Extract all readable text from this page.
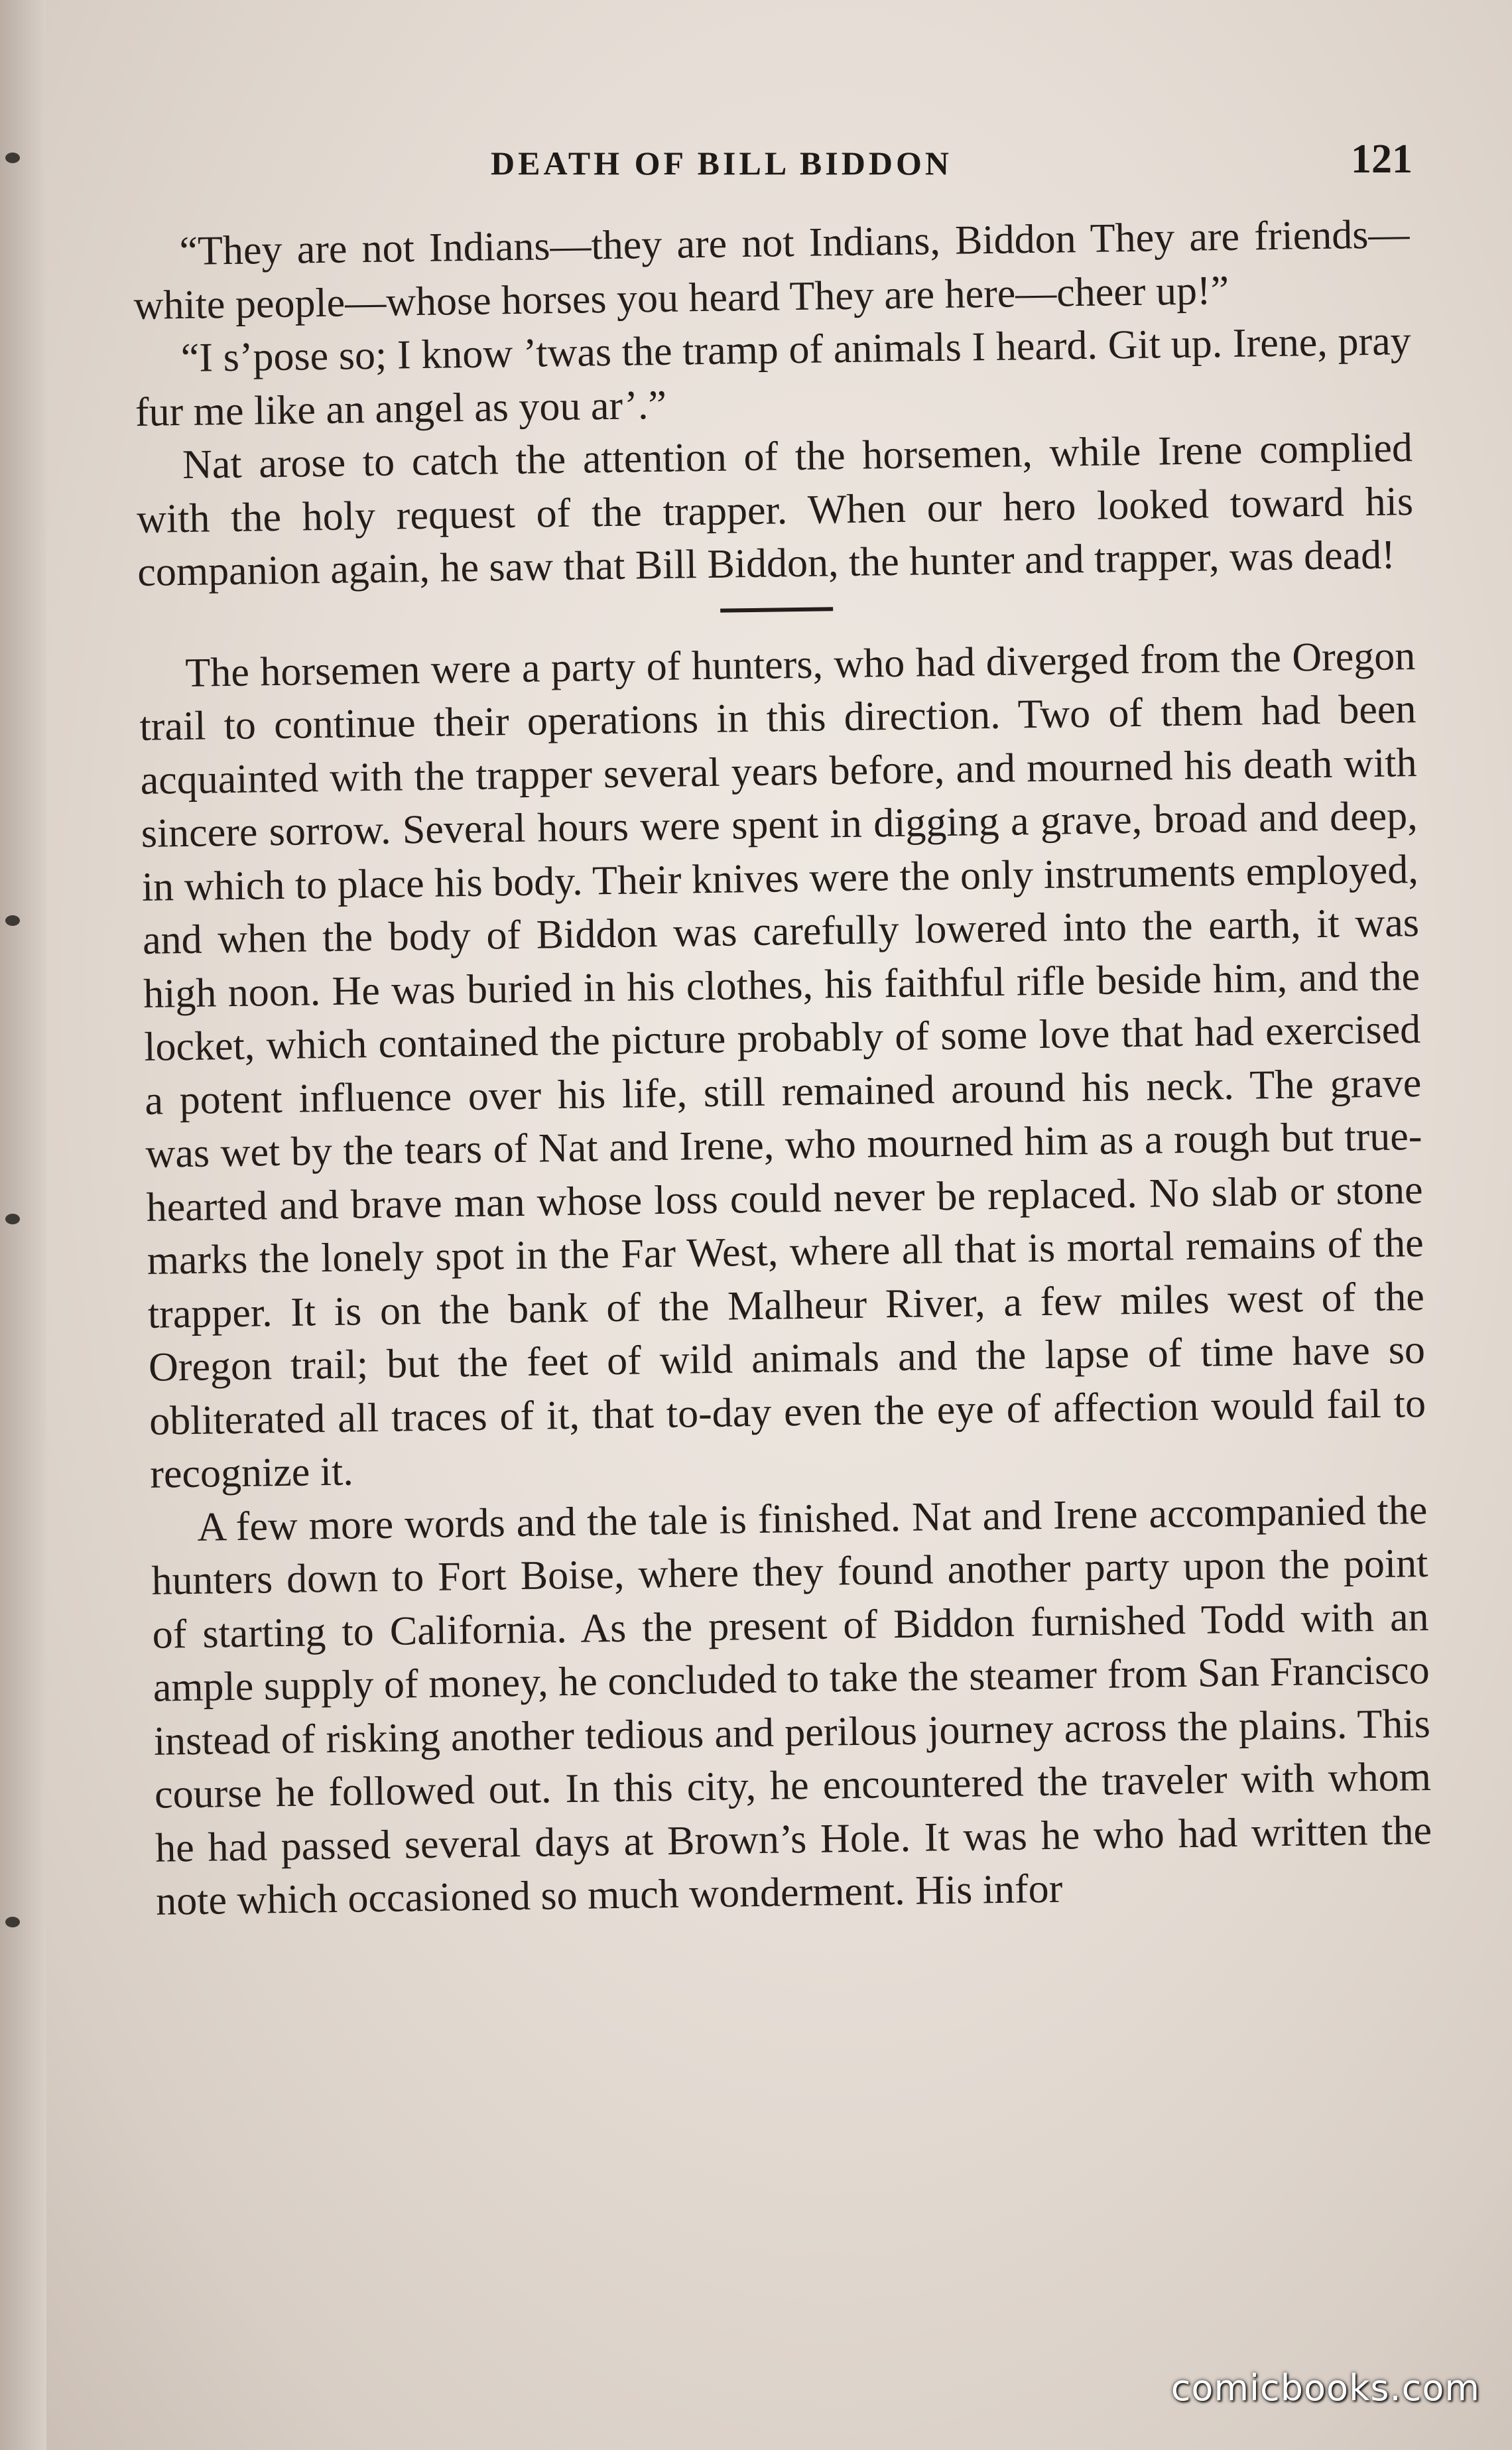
DEATH OF BILL BIDDON	121

“They are not Indians—they are not Indians, Biddon They are friends—white people—whose horses you heard They are here—cheer up!”

“I s’pose so; I know ’twas the tramp of animals I heard. Git up. Irene, pray fur me like an angel as you ar’.”

Nat arose to catch the attention of the horsemen, while Irene complied with the holy request of the trapper. When our hero looked toward his companion again, he saw that Bill Biddon, the hunter and trapper, was dead!

The horsemen were a party of hunters, who had diverged from the Oregon trail to continue their operations in this direction. Two of them had been acquainted with the trapper several years before, and mourned his death with sincere sorrow. Several hours were spent in digging a grave, broad and deep, in which to place his body. Their knives were the only instruments employed, and when the body of Biddon was carefully lowered into the earth, it was high noon. He was buried in his clothes, his faithful rifle beside him, and the locket, which contained the picture probably of some love that had exercised a potent influence over his life, still remained around his neck. The grave was wet by the tears of Nat and Irene, who mourned him as a rough but true-hearted and brave man whose loss could never be replaced. No slab or stone marks the lonely spot in the Far West, where all that is mortal remains of the trapper. It is on the bank of the Malheur River, a few miles west of the Oregon trail; but the feet of wild animals and the lapse of time have so obliterated all traces of it, that to-day even the eye of affection would fail to recognize it.

A few more words and the tale is finished. Nat and Irene accompanied the hunters down to Fort Boise, where they found another party upon the point of starting to California. As the present of Biddon furnished Todd with an ample supply of money, he concluded to take the steamer from San Francisco instead of risking another tedious and perilous journey across the plains. This course he followed out. In this city, he encountered the traveler with whom he had passed several days at Brown’s Hole. It was he who had written the note which occasioned so much wonderment. His infor

comicbooks.com
